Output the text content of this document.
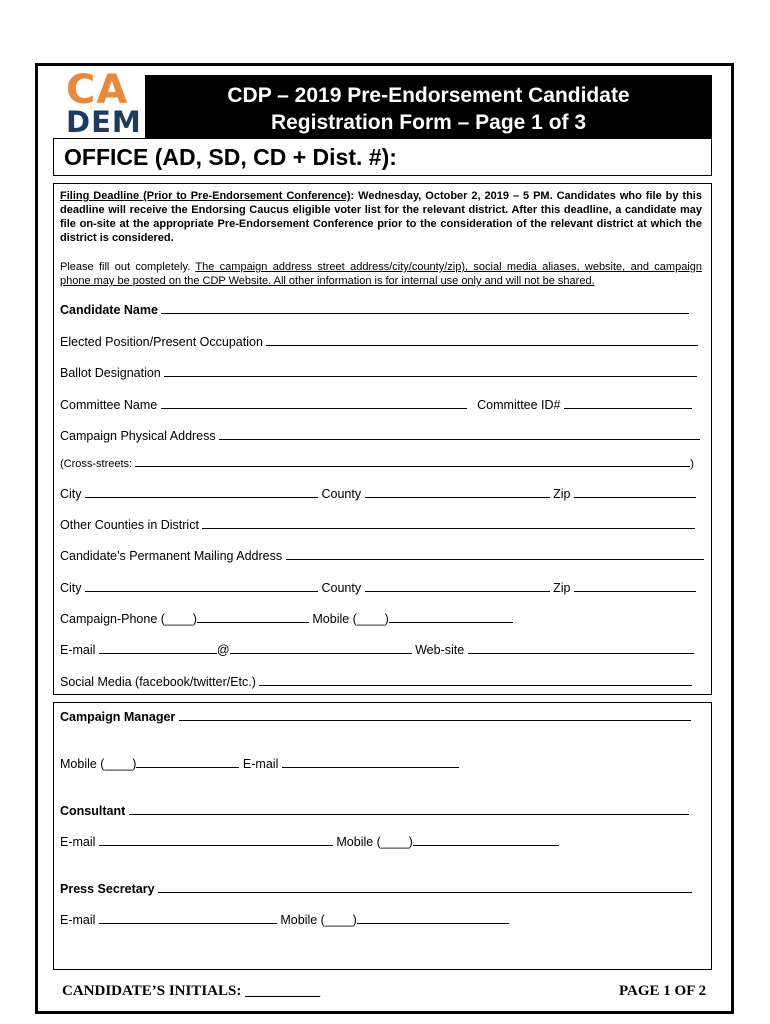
CA
DEM
CDP – 2019 Pre-Endorsement Candidate
Registration Form – Page 1 of 3
OFFICE (AD, SD, CD + Dist. #):
Filing Deadline (Prior to Pre-Endorsement Conference): Wednesday, October 2, 2019 – 5 PM. Candidates who file by this deadline will receive the Endorsing Caucus eligible voter list for the relevant district. After this deadline, a candidate may file on-site at the appropriate Pre-Endorsement Conference prior to the consideration of the relevant district at which the district is considered.
Please fill out completely. The campaign address street address/city/county/zip), social media aliases, website, and campaign phone may be posted on the CDP Website. All other information is for internal use only and will not be shared.
Candidate Name
Elected Position/Present Occupation
Ballot Designation
Committee Name	Committee ID#
Campaign Physical Address
(Cross-streets:	)
City	County	Zip
Other Counties in District
Candidate’s Permanent Mailing Address
City	County	Zip
Campaign-Phone (____)	Mobile (____)
E-mail	@	Web-site
Social Media (facebook/twitter/Etc.)
Campaign Manager
Mobile (____)	E-mail
Consultant
E-mail	Mobile (____)
Press Secretary
E-mail	Mobile (____)
CANDIDATE’S INITIALS: __________	PAGE 1 OF 2
